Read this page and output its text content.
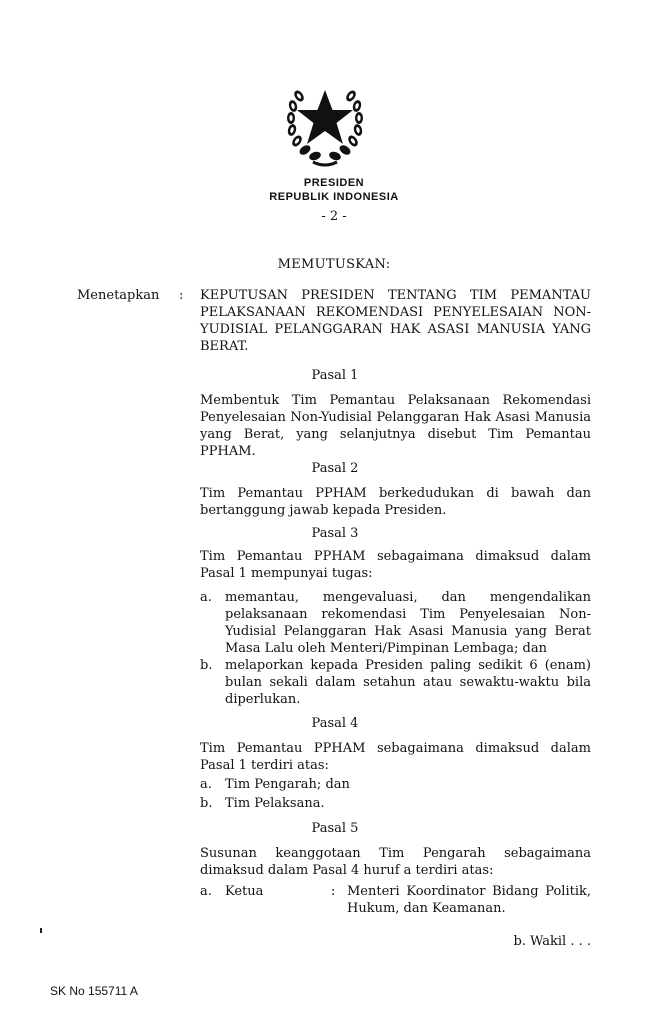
PRESIDEN
REPUBLIK INDONESIA
- 2 -
MEMUTUSKAN:
Menetapkan : KEPUTUSAN PRESIDEN TENTANG TIM PEMANTAU PELAKSANAAN REKOMENDASI PENYELESAIAN NON-YUDISIAL PELANGGARAN HAK ASASI MANUSIA YANG BERAT.
Pasal 1
Membentuk Tim Pemantau Pelaksanaan Rekomendasi Penyelesaian Non-Yudisial Pelanggaran Hak Asasi Manusia yang Berat, yang selanjutnya disebut Tim Pemantau PPHAM.
Pasal 2
Tim Pemantau PPHAM berkedudukan di bawah dan bertanggung jawab kepada Presiden.
Pasal 3
Tim Pemantau PPHAM sebagaimana dimaksud dalam Pasal 1 mempunyai tugas:
a. memantau, mengevaluasi, dan mengendalikan pelaksanaan rekomendasi Tim Penyelesaian Non-Yudisial Pelanggaran Hak Asasi Manusia yang Berat Masa Lalu oleh Menteri/Pimpinan Lembaga; dan
b. melaporkan kepada Presiden paling sedikit 6 (enam) bulan sekali dalam setahun atau sewaktu-waktu bila diperlukan.
Pasal 4
Tim Pemantau PPHAM sebagaimana dimaksud dalam Pasal 1 terdiri atas:
a. Tim Pengarah; dan
b. Tim Pelaksana.
Pasal 5
Susunan keanggotaan Tim Pengarah sebagaimana dimaksud dalam Pasal 4 huruf a terdiri atas:
a. Ketua	: Menteri Koordinator Bidang Politik, Hukum, dan Keamanan.
b. Wakil . . .
SK No 155711 A
